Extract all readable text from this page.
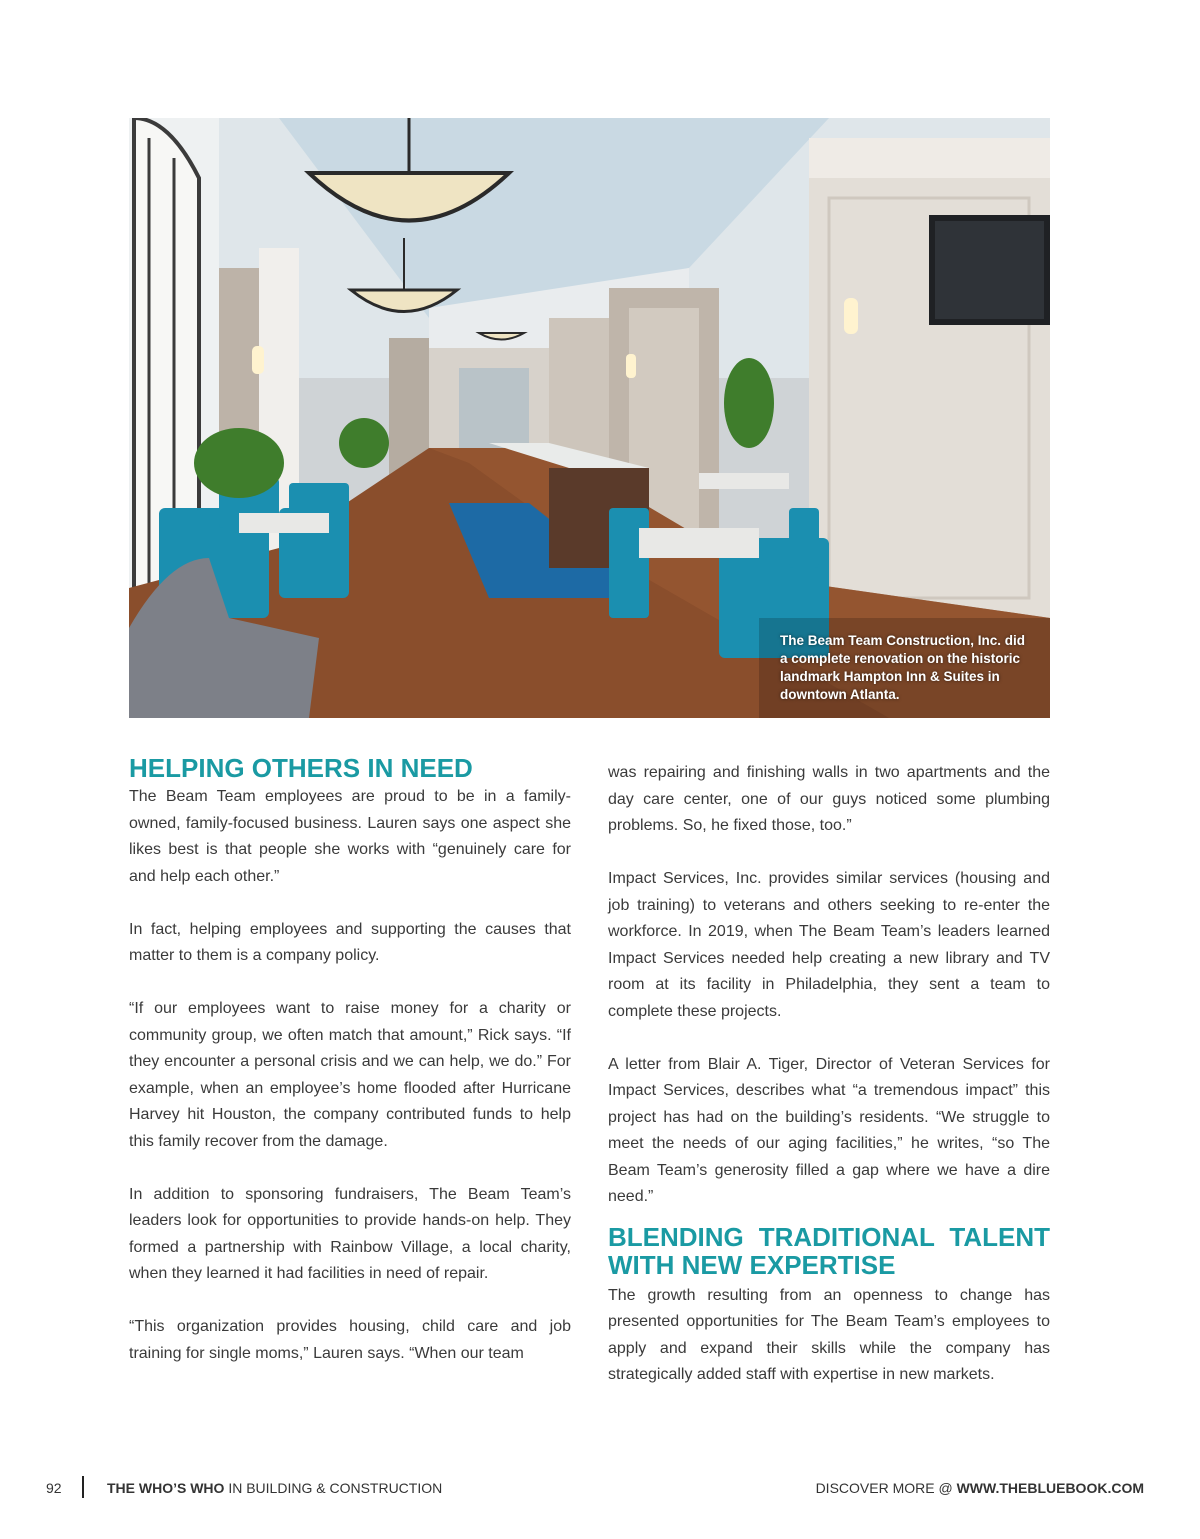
The Beam Team Construction, Inc. did a complete renovation on the historic landmark Hampton Inn & Suites in downtown Atlanta.
HELPING OTHERS IN NEED

The Beam Team employees are proud to be in a family-owned, family-focused business. Lauren says one aspect she likes best is that people she works with “genuinely care for and help each other.”

In fact, helping employees and supporting the causes that matter to them is a company policy.

“If our employees want to raise money for a charity or community group, we often match that amount,” Rick says. “If they encounter a personal crisis and we can help, we do.” For example, when an employee’s home flooded after Hurricane Harvey hit Houston, the company contributed funds to help this family recover from the damage.

In addition to sponsoring fundraisers, The Beam Team’s leaders look for opportunities to provide hands-on help. They formed a partnership with Rainbow Village, a local charity, when they learned it had facilities in need of repair.

“This organization provides housing, child care and job training for single moms,” Lauren says. “When our team

was repairing and finishing walls in two apartments and the day care center, one of our guys noticed some plumbing problems. So, he fixed those, too.”

Impact Services, Inc. provides similar services (housing and job training) to veterans and others seeking to re-enter the workforce. In 2019, when The Beam Team’s leaders learned Impact Services needed help creating a new library and TV room at its facility in Philadelphia, they sent a team to complete these projects.

A letter from Blair A. Tiger, Director of Veteran Services for Impact Services, describes what “a tremendous impact” this project has had on the building’s residents. “We struggle to meet the needs of our aging facilities,” he writes, “so The Beam Team’s generosity filled a gap where we have a dire need.”

BLENDING TRADITIONAL TALENT WITH NEW EXPERTISE

The growth resulting from an openness to change has presented opportunities for The Beam Team’s employees to apply and expand their skills while the company has strategically added staff with expertise in new markets.

92	THE WHO’S WHO IN BUILDING & CONSTRUCTION	DISCOVER MORE @ WWW.THEBLUEBOOK.COM
